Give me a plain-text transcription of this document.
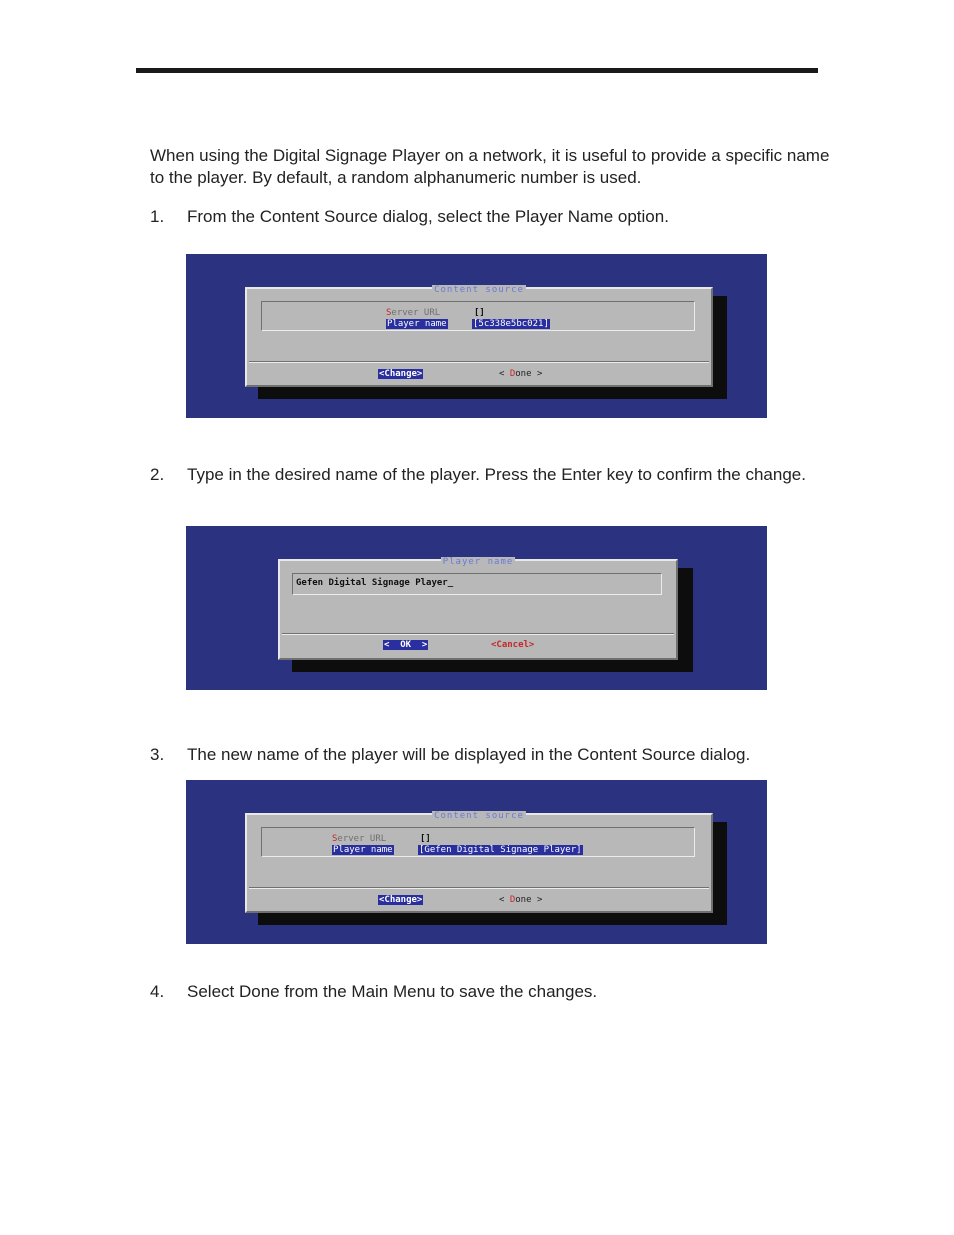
When using the Digital Signage Player on a network, it is useful to provide a specific name to the player. By default, a random alphanumeric number is used.

1. From the Content Source dialog, select the Player Name option.
Content source
Server URL	[]
Player name	[5c338e5bc021]
<Change>	< Done >
2. Type in the desired name of the player. Press the Enter key to confirm the change.
Player name
Gefen Digital Signage Player_
<  OK  >	<Cancel>
3. The new name of the player will be displayed in the Content Source dialog.
Content source
Server URL	[]
Player name	[Gefen Digital Signage Player]
<Change>	< Done >
4. Select Done from the Main Menu to save the changes.
